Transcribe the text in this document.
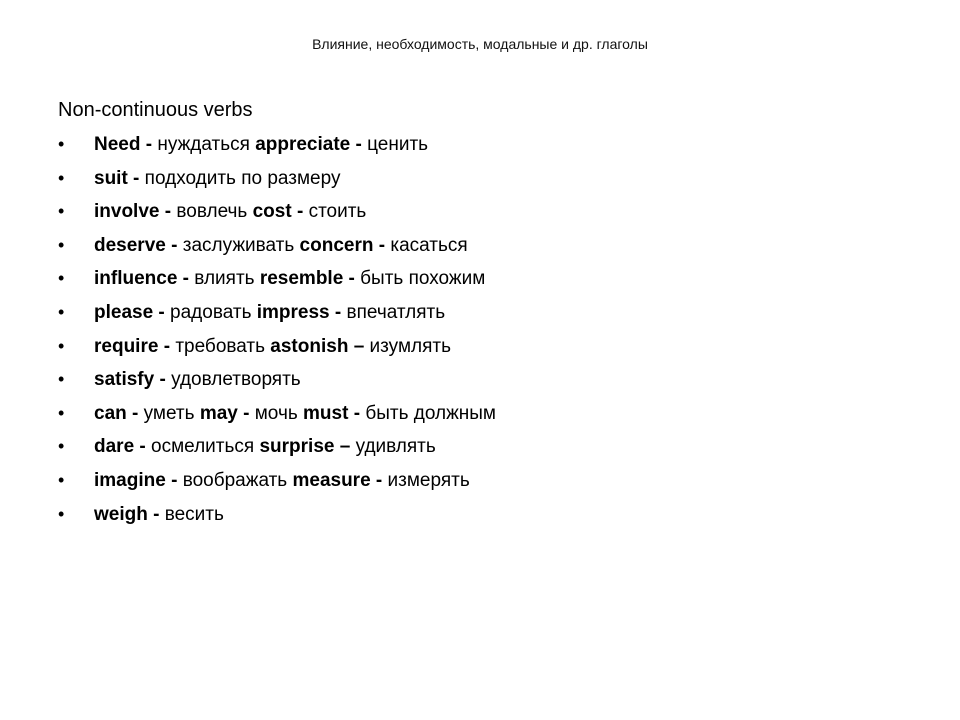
Влияние, необходимость, модальные и др. глаголы
Non-continuous verbs
• Need - нуждаться appreciate - ценить
• suit - подходить по размеру
• involve - вовлечь cost - стоить
• deserve - заслуживать concern - касаться
• influence - влиять resemble - быть похожим
• please - радовать impress - впечатлять
• require - требовать astonish – изумлять
• satisfy - удовлетворять
• can - уметь may - мочь must - быть должным
• dare - осмелиться surprise – удивлять
• imagine - воображать measure - измерять
• weigh - весить
